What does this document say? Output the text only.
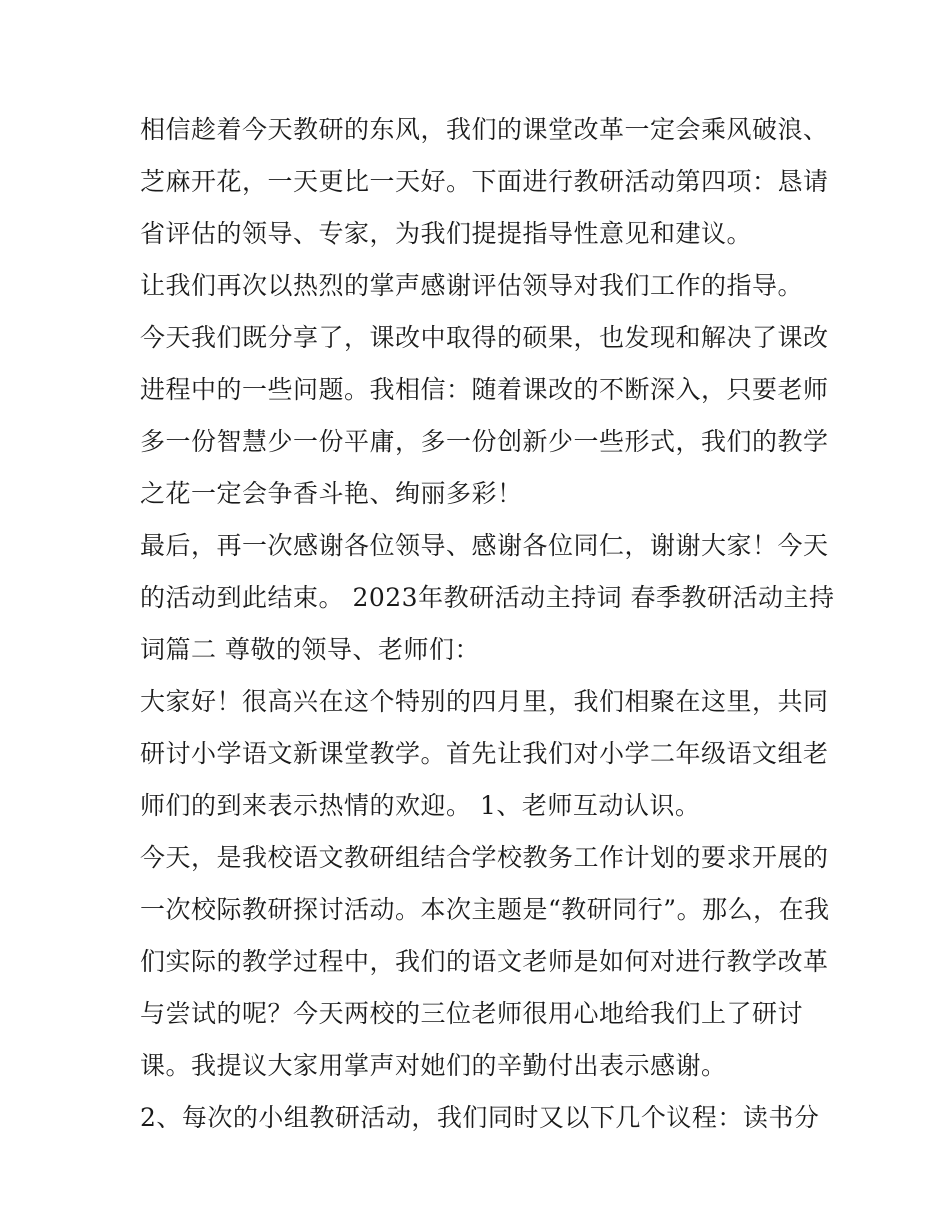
相信趁着今天教研的东风，我们的课堂改革一定会乘风破浪、
芝麻开花，一天更比一天好。下面进行教研活动第四项：恳请
省评估的领导、专家，为我们提提指导性意见和建议。
让我们再次以热烈的掌声感谢评估领导对我们工作的指导。
今天我们既分享了，课改中取得的硕果，也发现和解决了课改
进程中的一些问题。我相信：随着课改的不断深入，只要老师
多一份智慧少一份平庸，多一份创新少一些形式，我们的教学
之花一定会争香斗艳、绚丽多彩！
最后，再一次感谢各位领导、感谢各位同仁，谢谢大家！今天
的活动到此结束。 2023年教研活动主持词 春季教研活动主持
词篇二 尊敬的领导、老师们：
大家好！很高兴在这个特别的四月里，我们相聚在这里，共同
研讨小学语文新课堂教学。首先让我们对小学二年级语文组老
师们的到来表示热情的欢迎。 1、老师互动认识。
今天，是我校语文教研组结合学校教务工作计划的要求开展的
一次校际教研探讨活动。本次主题是“教研同行”。那么，在我
们实际的教学过程中，我们的语文老师是如何对进行教学改革
与尝试的呢？今天两校的三位老师很用心地给我们上了研讨
课。我提议大家用掌声对她们的辛勤付出表示感谢。
2、每次的小组教研活动，我们同时又以下几个议程：读书分
